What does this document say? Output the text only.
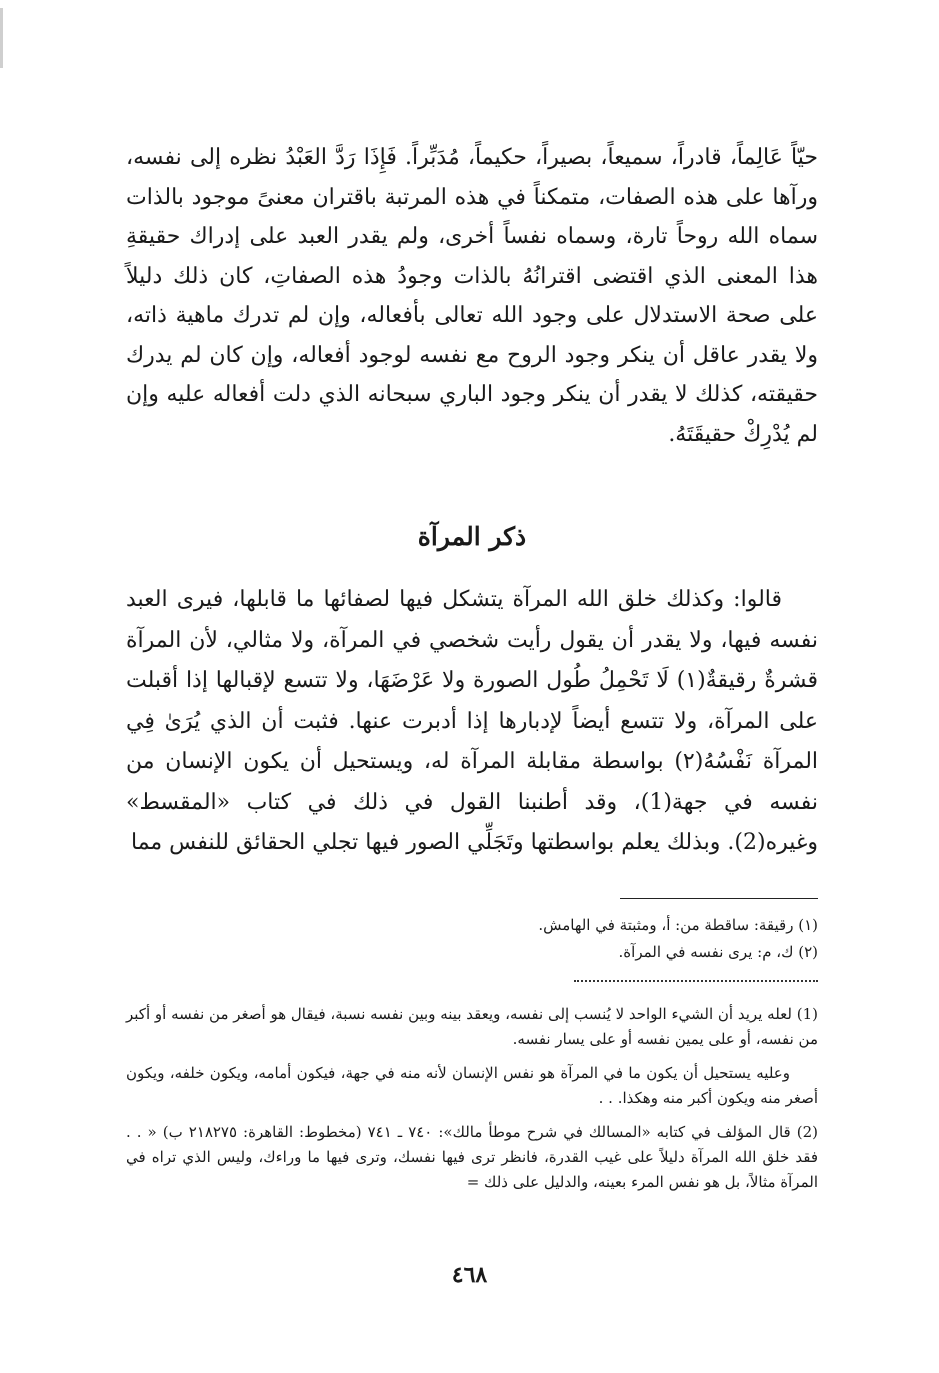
حيّاً عَالِماً، قادراً، سميعاً، بصيراً، حكيماً، مُدَبِّراً. فَإِذَا رَدَّ العَبْدُ نظره إلى نفسه، ورآها على هذه الصفات، متمكناً في هذه المرتبة باقتران معنىً موجود بالذات سماه الله روحاً تارة، وسماه نفساً أخرى، ولم يقدر العبد على إدراك حقيقةِ هذا المعنى الذي اقتضى اقترانُهُ بالذات وجودُ هذه الصفاتِ، كان ذلك دليلاً على صحة الاستدلال على وجود الله تعالى بأفعاله، وإن لم تدرك ماهية ذاته، ولا يقدر عاقل أن ينكر وجود الروح مع نفسه لوجود أفعاله، وإن كان لم يدرك حقيقته، كذلك لا يقدر أن ينكر وجود الباري سبحانه الذي دلت أفعاله عليه وإن لم يُدْرِكْ حقيقَتَهُ.

ذكر المرآة

قالوا: وكذلك خلق الله المرآة يتشكل فيها لصفائها ما قابلها، فيرى العبد نفسه فيها، ولا يقدر أن يقول رأيت شخصي في المرآة، ولا مثالي، لأن المرآة قشرةٌ رقيقةٌ(١) لَا تَحْمِلُ طُول الصورة ولا عَرْضَهَا، ولا تتسع لإقبالها إذا أقبلت على المرآة، ولا تتسع أيضاً لإدبارها إذا أدبرت عنها. فثبت أن الذي يُرَىٰ فِي المرآة نَفْسُهُ(٢) بواسطة مقابلة المرآة له، ويستحيل أن يكون الإنسان من نفسه في جهة(1)، وقد أطنبنا القول في ذلك في كتاب «المقسط» وغيره(2). وبذلك يعلم بواسطتها وتَجَلِّي الصور فيها تجلي الحقائق للنفس مما

(١) رقيقة: ساقطة من: أ، ومثبتة في الهامش.
(٢) ك، م: يرى نفسه في المرآة.
(1) لعله يريد أن الشيء الواحد لا يُنسب إلى نفسه، ويعقد بينه وبين نفسه نسبة، فيقال هو أصغر من نفسه أو أكبر من نفسه، أو على يمين نفسه أو على يسار نفسه.
وعليه يستحيل أن يكون ما في المرآة هو نفس الإنسان لأنه منه في جهة، فيكون أمامه، ويكون خلفه، ويكون أصغر منه ويكون أكبر منه وهكذا. . .
(2) قال المؤلف في كتابه «المسالك في شرح موطأ مالك»: ٧٤٠ ـ ٧٤١ (مخطوط: القاهرة: ٢١٨٢٧٥ ب) « . . فقد خلق الله المرآة دليلاً على غيب القدرة، فانظر ترى فيها نفسك، وترى فيها ما وراءك، وليس الذي تراه في المرآة مثالاً، بل هو نفس المرء بعينه، والدليل على ذلك =
٤٦٨
